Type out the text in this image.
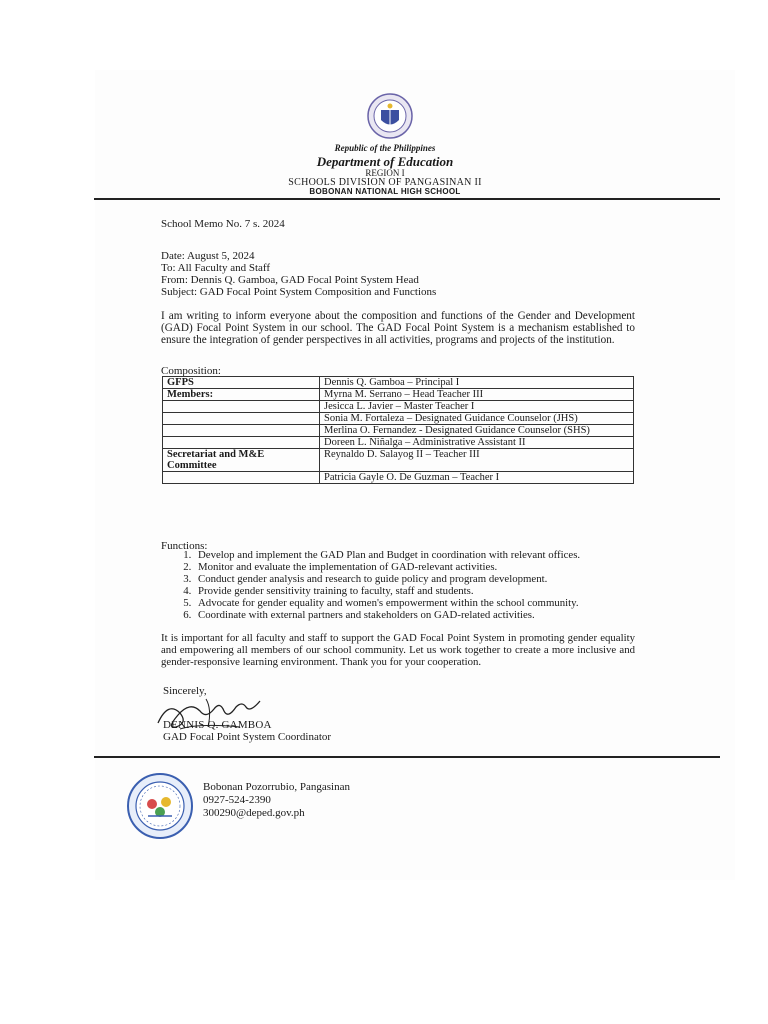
Republic of the Philippines
Department of Education
REGION I
SCHOOLS DIVISION OF PANGASINAN II
BOBONAN NATIONAL HIGH SCHOOL
School Memo No. 7 s. 2024
Date: August 5, 2024
To: All Faculty and Staff
From: Dennis Q. Gamboa, GAD Focal Point System Head
Subject: GAD Focal Point System Composition and Functions
I am writing to inform everyone about the composition and functions of the Gender and Development (GAD) Focal Point System in our school. The GAD Focal Point System is a mechanism established to ensure the integration of gender perspectives in all activities, programs and projects of the institution.
Composition:
GFPS	Dennis Q. Gamboa – Principal I
Members:	Myrna M. Serrano – Head Teacher III
	Jesicca L. Javier – Master Teacher I
	Sonia M. Fortaleza – Designated Guidance Counselor (JHS)
	Merlina O. Fernandez - Designated Guidance Counselor (SHS)
	Doreen L. Niñalga – Administrative Assistant II
Secretariat and M&E Committee	Reynaldo D. Salayog II – Teacher III
	Patricia Gayle O. De Guzman – Teacher I
Functions:
1. Develop and implement the GAD Plan and Budget in coordination with relevant offices.
2. Monitor and evaluate the implementation of GAD-relevant activities.
3. Conduct gender analysis and research to guide policy and program development.
4. Provide gender sensitivity training to faculty, staff and students.
5. Advocate for gender equality and women's empowerment within the school community.
6. Coordinate with external partners and stakeholders on GAD-related activities.
It is important for all faculty and staff to support the GAD Focal Point System in promoting gender equality and empowering all members of our school community. Let us work together to create a more inclusive and gender-responsive learning environment. Thank you for your cooperation.
Sincerely,
DENNIS Q. GAMBOA
GAD Focal Point System Coordinator
Bobonan Pozorrubio, Pangasinan
0927-524-2390
300290@deped.gov.ph
